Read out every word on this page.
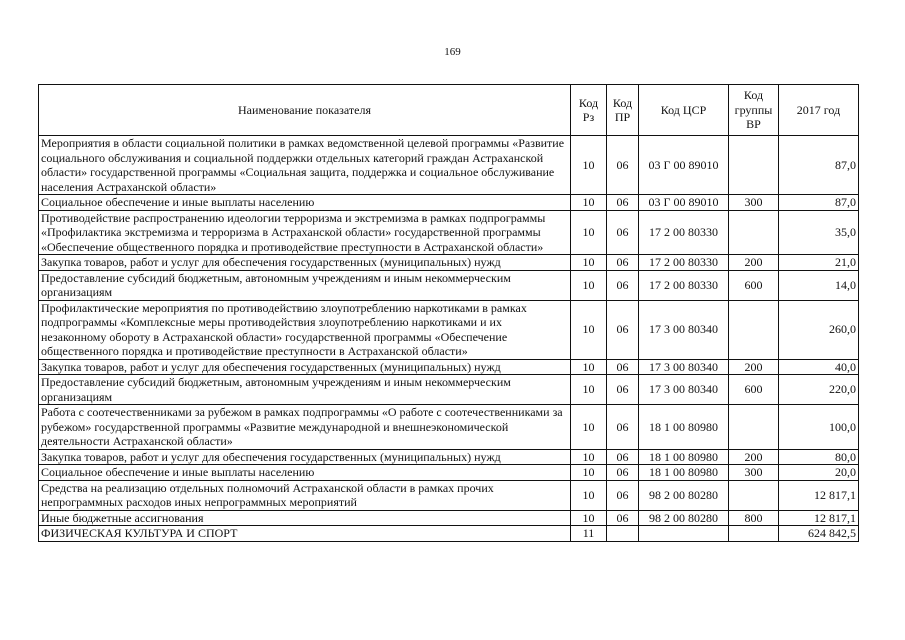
169
Наименование показателя	Код Рз	Код ПР	Код ЦСР	Код группы ВР	2017 год
Мероприятия в области социальной политики в рамках ведомственной целевой программы «Развитие социального обслуживания и социальной поддержки отдельных категорий граждан Астраханской области» государственной программы «Социальная защита, поддержка и социальное обслуживание населения Астраханской области»	10	06	03 Г 00 89010		87,0
Социальное обеспечение и иные выплаты населению	10	06	03 Г 00 89010	300	87,0
Противодействие распространению идеологии терроризма и экстремизма в рамках подпрограммы «Профилактика экстремизма и терроризма в Астраханской области» государственной программы «Обеспечение общественного порядка и противодействие преступности в Астраханской области»	10	06	17 2 00 80330		35,0
Закупка товаров, работ и услуг для обеспечения государственных (муниципальных) нужд	10	06	17 2 00 80330	200	21,0
Предоставление субсидий бюджетным, автономным учреждениям и иным некоммерческим организациям	10	06	17 2 00 80330	600	14,0
Профилактические мероприятия по противодействию злоупотреблению наркотиками в рамках подпрограммы «Комплексные меры противодействия злоупотреблению наркотиками и их незаконному обороту в Астраханской области» государственной программы «Обеспечение общественного порядка и противодействие преступности в Астраханской области»	10	06	17 3 00 80340		260,0
Закупка товаров, работ и услуг для обеспечения государственных (муниципальных) нужд	10	06	17 3 00 80340	200	40,0
Предоставление субсидий бюджетным, автономным учреждениям и иным некоммерческим организациям	10	06	17 3 00 80340	600	220,0
Работа с соотечественниками за рубежом в рамках подпрограммы «О работе с соотечественниками за рубежом» государственной программы «Развитие международной и внешнеэкономической деятельности Астраханской области»	10	06	18 1 00 80980		100,0
Закупка товаров, работ и услуг для обеспечения государственных (муниципальных) нужд	10	06	18 1 00 80980	200	80,0
Социальное обеспечение и иные выплаты населению	10	06	18 1 00 80980	300	20,0
Средства на реализацию отдельных полномочий Астраханской области в рамках прочих непрограммных расходов иных непрограммных мероприятий	10	06	98 2 00 80280		12 817,1
Иные бюджетные ассигнования	10	06	98 2 00 80280	800	12 817,1
ФИЗИЧЕСКАЯ КУЛЬТУРА И СПОРТ	11				624 842,5
